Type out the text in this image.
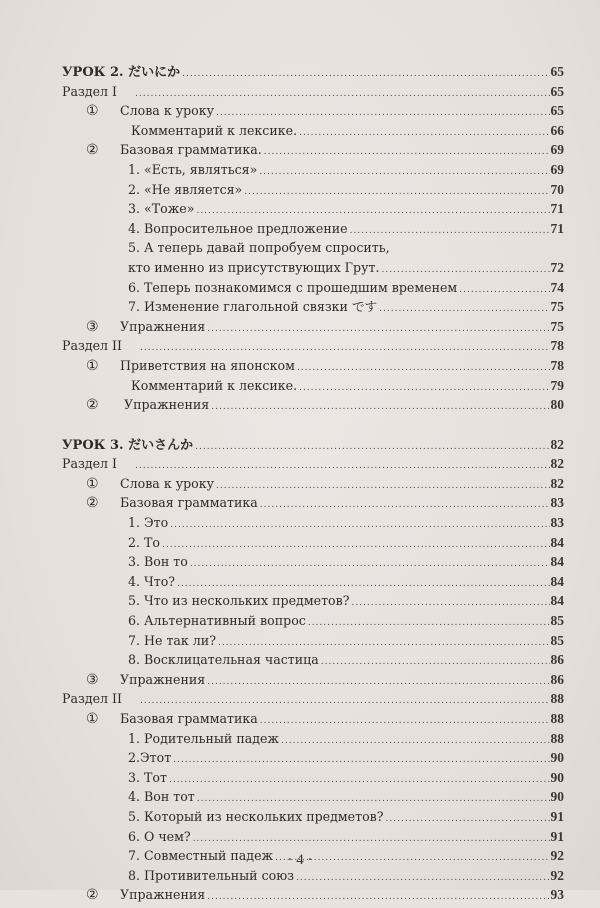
УРОК 2. だいにか .....	65
Раздел I .....	65
① Слова к уроку .....	65
Комментарий к лексике. .....	66
② Базовая грамматика. .....	69
1. «Есть, являться» .....	69
2. «Не является» .....	70
3. «Тоже» .....	71
4. Вопросительное предложение .....	71
5. А теперь давай попробуем спросить,
кто именно из присутствующих Грут. .....	72
6. Теперь познакомимся с прошедшим временем .....	74
7. Изменение глагольной связки です .....	75
③ Упражнения .....	75
Раздел II .....	78
① Приветствия на японском .....	78
Комментарий к лексике. .....	79
② Упражнения .....	80
УРОК 3. だいさんか .....	82
Раздел I .....	82
① Слова к уроку .....	82
② Базовая грамматика .....	83
1. Это .....	83
2. То .....	84
3. Вон то .....	84
4. Что? .....	84
5. Что из нескольких предметов? .....	84
6. Альтернативный вопрос .....	85
7. Не так ли? .....	85
8. Восклицательная частица .....	86
③ Упражнения .....	86
Раздел II .....	88
① Базовая грамматика .....	88
1. Родительный падеж .....	88
2.Этот .....	90
3. Тот .....	90
4. Вон тот .....	90
5. Который из нескольких предметов? .....	91
6. О чем? .....	91
7. Совместный падеж .....	92
8. Противительный союз .....	92
② Упражнения .....	93
· 4 ·
